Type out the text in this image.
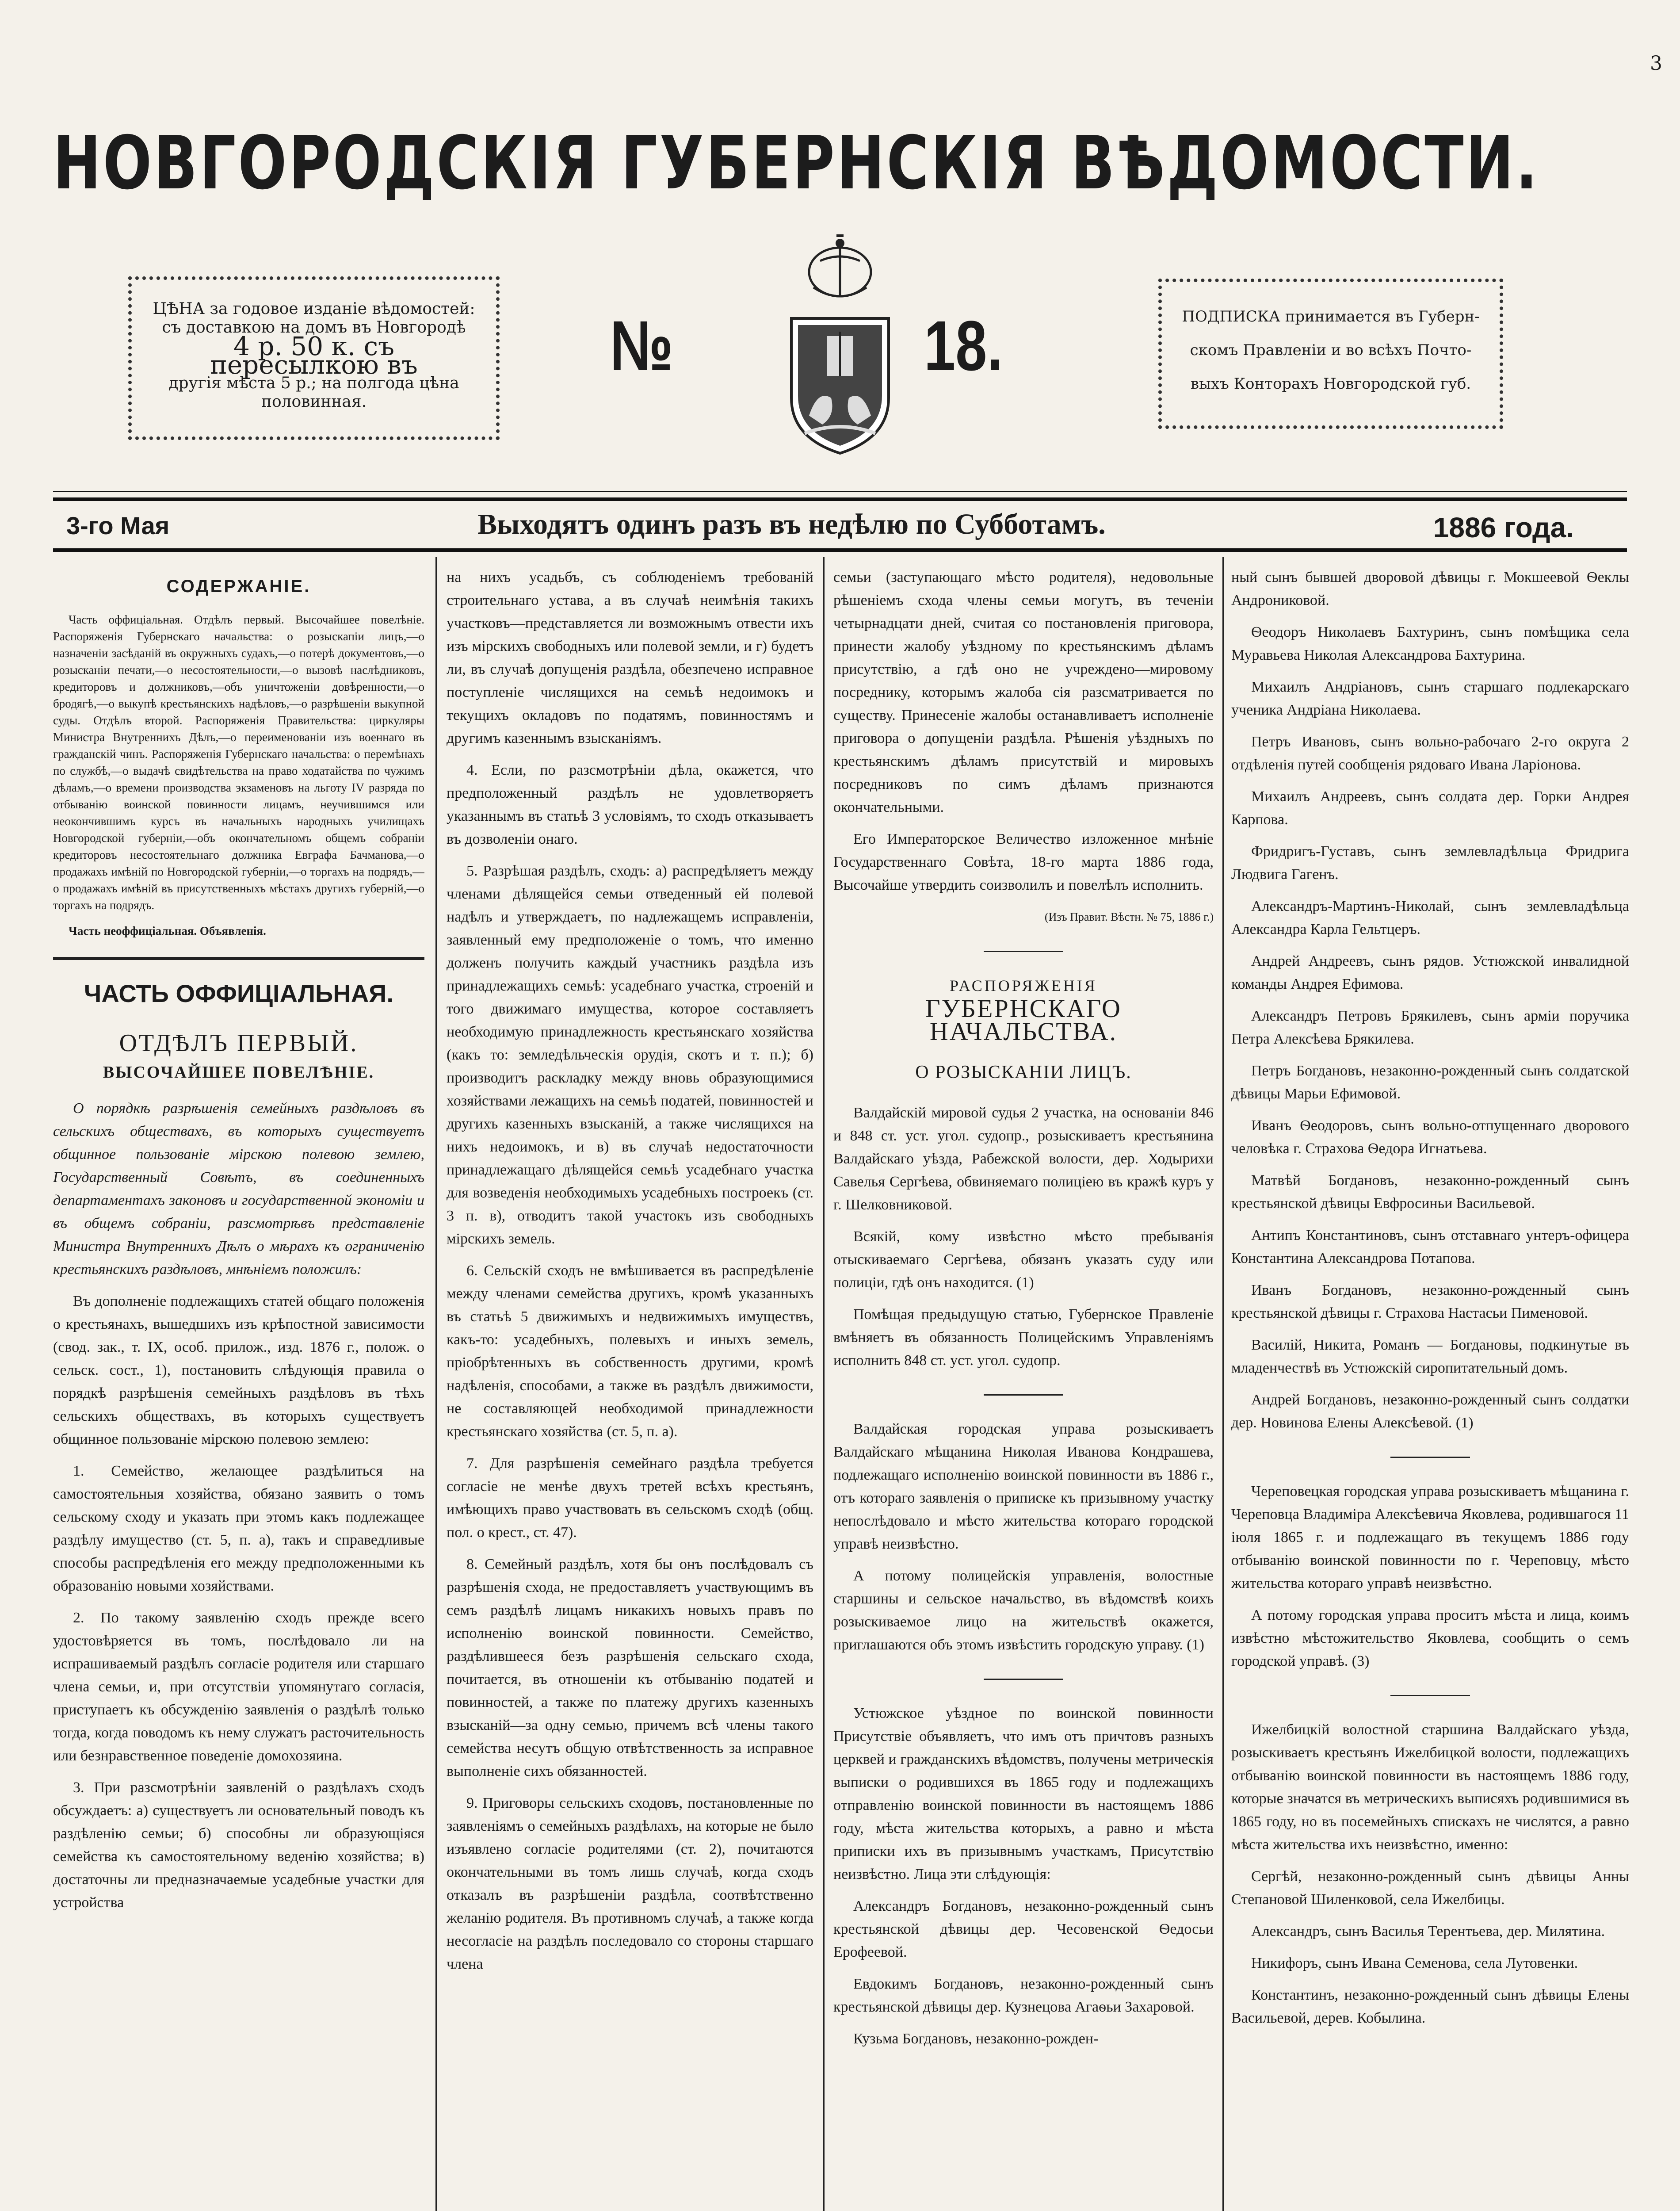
3
НОВГОРОДСКІЯ ГУБЕРНСКІЯ ВѢДОМОСТИ.
ЦѢНА за годовое изданіе вѣдомостей:
съ доставкою на домъ въ Новгородѣ
4 р. 50 к. съ пересылкою въ
другія мѣста 5 р.; на полгода цѣна
половинная.
№	18.	ПОДПИСКА принимается въ Губерн-
скомъ Правленіи и во всѣхъ Почто-
выхъ Конторахъ Новгородской губ.
3-го Мая	Выходятъ одинъ разъ въ недѣлю по Субботамъ.	1886 года.
СОДЕРЖАНІЕ.

Часть оффиціальная. Отдѣлъ первый. Высочайшее повелѣніе. Распоряженія Губернскаго начальства: о розыскапіи лицъ,—о назначеніи засѣданій въ окружныхъ судахъ,—о потерѣ документовъ,—о розысканіи печати,—о несостоятельности,—о вызовѣ наслѣдниковъ, кредиторовъ и должниковъ,—объ уничтоженіи довѣренности,—о бродягѣ,—о выкупѣ крестьянскихъ надѣловъ,—о разрѣшеніи выкупной суды. Отдѣлъ второй. Распоряженія Правительства: циркуляры Министра Внутреннихъ Дѣлъ,—о переименованіи изъ военнаго въ гражданскій чинъ. Распоряженія Губернскаго начальства: о перемѣнахъ по службѣ,—о выдачѣ свидѣтельства на право ходатайства по чужимъ дѣламъ,—о времени производства экзаменовъ на льготу IV разряда по отбыванію воинской повинности лицамъ, неучившимся или неокончившимъ курсъ въ начальныхъ народныхъ училищахъ Новгородской губерніи,—объ окончательномъ общемъ собраніи кредиторовъ несостоятельнаго должника Евграфа Бачманова,—о продажахъ имѣній по Новгородской губерніи,—о торгахъ на подрядъ,—о продажахъ имѣній въ присутственныхъ мѣстахъ другихъ губерній,—о торгахъ на подрядъ.

Часть неоффиціальная. Объявленія.

ЧАСТЬ ОФФИЦІАЛЬНАЯ.
ОТДѢЛЪ ПЕРВЫЙ.
ВЫСОЧАЙШЕЕ ПОВЕЛѢНІЕ.

О порядкѣ разрѣшенія семейныхъ раздѣловъ въ сельскихъ обществахъ, въ которыхъ существуетъ общинное пользованіе мірскою полевою землею, Государственный Совѣтъ, въ соединенныхъ департаментахъ законовъ и государственной экономіи и въ общемъ собраніи, разсмотрѣвъ представленіе Министра Внутреннихъ Дѣлъ о мѣрахъ къ ограниченію крестьянскихъ раздѣловъ, мнѣніемъ положилъ:

Въ дополненіе подлежащихъ статей общаго положенія о крестьянахъ, вышедшихъ изъ крѣпостной зависимости (свод. зак., т. IX, особ. прилож., изд. 1876 г., полож. о сельск. сост., 1), постановить слѣдующія правила о порядкѣ разрѣшенія семейныхъ раздѣловъ въ тѣхъ сельскихъ обществахъ, въ которыхъ существуетъ общинное пользованіе мірскою полевою землею:

1. Семейство, желающее раздѣлиться на самостоятельныя хозяйства, обязано заявить о томъ сельскому сходу и указать при этомъ какъ подлежащее раздѣлу имущество (ст. 5, п. а), такъ и справедливые способы распредѣленія его между предположенными къ образованію новыми хозяйствами.

2. По такому заявленію сходъ прежде всего удостовѣряется въ томъ, послѣдовало ли на испрашиваемый раздѣлъ согласіе родителя или старшаго члена семьи, и, при отсутствіи упомянутаго согласія, приступаетъ къ обсужденію заявленія о раздѣлѣ только тогда, когда поводомъ къ нему служатъ расточительность или безнравственное поведеніе домохозяина.

3. При разсмотрѣніи заявленій о раздѣлахъ сходъ обсуждаетъ: а) существуетъ ли основательный поводъ къ раздѣленію семьи; б) способны ли образующіяся семейства къ самостоятельному веденію хозяйства; в) достаточны ли предназначаемые усадебные участки для устройства

на нихъ усадьбъ, съ соблюденіемъ требованій строительнаго устава, а въ случаѣ неимѣнія такихъ участковъ—представляется ли возможнымъ отвести ихъ изъ мірскихъ свободныхъ или полевой земли, и г) будетъ ли, въ случаѣ допущенія раздѣла, обезпечено исправное поступленіе числящихся на семьѣ недоимокъ и текущихъ окладовъ по податямъ, повинностямъ и другимъ казеннымъ взысканіямъ.

4. Если, по разсмотрѣніи дѣла, окажется, что предположенный раздѣлъ не удовлетворяетъ указаннымъ въ статьѣ 3 условіямъ, то сходъ отказываетъ въ дозволеніи онаго.

5. Разрѣшая раздѣлъ, сходъ: а) распредѣляетъ между членами дѣлящейся семьи отведенный ей полевой надѣлъ и утверждаетъ, по надлежащемъ исправленіи, заявленный ему предположеніе о томъ, что именно долженъ получить каждый участникъ раздѣла изъ принадлежащихъ семьѣ: усадебнаго участка, строеній и того движимаго имущества, которое составляетъ необходимую принадлежность крестьянскаго хозяйства (какъ то: земледѣльческія орудія, скотъ и т. п.); б) производитъ раскладку между вновь образующимися хозяйствами лежащихъ на семьѣ податей, повинностей и другихъ казенныхъ взысканій, а также числящихся на нихъ недоимокъ, и в) въ случаѣ недостаточности принадлежащаго дѣлящейся семьѣ усадебнаго участка для возведенія необходимыхъ усадебныхъ построекъ (ст. 3 п. в), отводитъ такой участокъ изъ свободныхъ мірскихъ земель.

6. Сельскій сходъ не вмѣшивается въ распредѣленіе между членами семейства другихъ, кромѣ указанныхъ въ статьѣ 5 движимыхъ и недвижимыхъ имуществъ, какъ-то: усадебныхъ, полевыхъ и иныхъ земель, пріобрѣтенныхъ въ собственность другими, кромѣ надѣленія, способами, а также въ раздѣлъ движимости, не составляющей необходимой принадлежности крестьянскаго хозяйства (ст. 5, п. а).

7. Для разрѣшенія семейнаго раздѣла требуется согласіе не менѣе двухъ третей всѣхъ крестьянъ, имѣющихъ право участвовать въ сельскомъ сходѣ (общ. пол. о крест., ст. 47).

8. Семейный раздѣлъ, хотя бы онъ послѣдовалъ съ разрѣшенія схода, не предоставляетъ участвующимъ въ семъ раздѣлѣ лицамъ никакихъ новыхъ правъ по исполненію воинской повинности. Семейство, раздѣлившееся безъ разрѣшенія сельскаго схода, почитается, въ отношеніи къ отбыванію податей и повинностей, а также по платежу другихъ казенныхъ взысканій—за одну семью, причемъ всѣ члены такого семейства несутъ общую отвѣтственность за исправное выполненіе сихъ обязанностей.

9. Приговоры сельскихъ сходовъ, постановленные по заявленіямъ о семейныхъ раздѣлахъ, на которые не было изъявлено согласіе родителями (ст. 2), почитаются окончательными въ томъ лишь случаѣ, когда сходъ отказалъ въ разрѣшеніи раздѣла, соотвѣтственно желанію родителя. Въ противномъ случаѣ, а также когда несогласіе на раздѣлъ последовало со стороны старшаго члена

семьи (заступающаго мѣсто родителя), недовольные рѣшеніемъ схода члены семьи могутъ, въ теченіи четырнадцати дней, считая со постановленія приговора, принести жалобу уѣздному по крестьянскимъ дѣламъ присутствію, а гдѣ оно не учреждено—мировому посреднику, которымъ жалоба сія разсматривается по существу. Принесеніе жалобы останавливаетъ исполненіе приговора о допущеніи раздѣла. Рѣшенія уѣздныхъ по крестьянскимъ дѣламъ присутствій и мировыхъ посредниковъ по симъ дѣламъ признаются окончательными.

Его Императорское Величество изложенное мнѣніе Государственнаго Совѣта, 18-го марта 1886 года, Высочайше утвердить соизволилъ и повелѣлъ исполнить.

(Изъ Правит. Вѣстн. № 75, 1886 г.)

РАСПОРЯЖЕНІЯ
ГУБЕРНСКАГО НАЧАЛЬСТВА.
О РОЗЫСКАНІИ ЛИЦЪ.

Валдайскій мировой судья 2 участка, на основаніи 846 и 848 ст. уст. угол. судопр., розыскиваетъ крестьянина Валдайскаго уѣзда, Рабежской волости, дер. Ходырихи Савелья Сергѣева, обвиняемаго полиціею въ кражѣ куръ у г. Шелковниковой.

Всякій, кому извѣстно мѣсто пребыванія отыскиваемаго Сергѣева, обязанъ указать суду или полиціи, гдѣ онъ находится. (1)

Помѣщая предыдущую статью, Губернское Правленіе вмѣняетъ въ обязанность Полицейскимъ Управленіямъ исполнить 848 ст. уст. угол. судопр.

Валдайская городская управа розыскиваетъ Валдайскаго мѣщанина Николая Иванова Кондрашева, подлежащаго исполненію воинской повинности въ 1886 г., отъ котораго заявленія о приписке къ призывному участку непослѣдовало и мѣсто жительства котораго городской управѣ неизвѣстно.

А потому полицейскія управленія, волостные старшины и сельское начальство, въ вѣдомствѣ коихъ розыскиваемое лицо на жительствѣ окажется, приглашаются объ этомъ извѣстить городскую управу. (1)

Устюжское уѣздное по воинской повинности Присутствіе объявляетъ, что имъ отъ причтовъ разныхъ церквей и гражданскихъ вѣдомствъ, получены метрическія выписки о родившихся въ 1865 году и подлежащихъ отправленію воинской повинности въ настоящемъ 1886 году, мѣста жительства которыхъ, а равно и мѣста приписки ихъ въ призывнымъ участкамъ, Присутствію неизвѣстно. Лица эти слѣдующія:

Александръ Богдановъ, незаконно-рожденный сынъ крестьянской дѣвицы дер. Чесовенской Ѳедосьи Ерофеевой.

Евдокимъ Богдановъ, незаконно-рожденный сынъ крестьянской дѣвицы дер. Кузнецова Агаѳьи Захаровой.

Кузьма Богдановъ, незаконно-рожден-

ный сынъ бывшей дворовой дѣвицы г. Мокшеевой Ѳеклы Андрониковой.

Ѳеодоръ Николаевъ Бахтуринъ, сынъ помѣщика села Муравьева Николая Александрова Бахтурина.

Михаилъ Андріановъ, сынъ старшаго подлекарскаго ученика Андріана Николаева.

Петръ Ивановъ, сынъ вольно-рабочаго 2-го округа 2 отдѣленія путей сообщенія рядоваго Ивана Ларіонова.

Михаилъ Андреевъ, сынъ солдата дер. Горки Андрея Карпова.

Фридригъ-Густавъ, сынъ землевладѣльца Фридрига Людвига Гагенъ.

Александръ-Мартинъ-Николай, сынъ землевладѣльца Александра Карла Гельтцеръ.

Андрей Андреевъ, сынъ рядов. Устюжской инвалидной команды Андрея Ефимова.

Александръ Петровъ Брякилевъ, сынъ арміи поручика Петра Алексѣева Брякилева.

Петръ Богдановъ, незаконно-рожденный сынъ солдатской дѣвицы Марьи Ефимовой.

Иванъ Ѳеодоровъ, сынъ вольно-отпущеннаго дворового человѣка г. Страхова Ѳедора Игнатьева.

Матвѣй Богдановъ, незаконно-рожденный сынъ крестьянской дѣвицы Евфросиньи Васильевой.

Антипъ Константиновъ, сынъ отставнаго унтеръ-офицера Константина Александрова Потапова.

Иванъ Богдановъ, незаконно-рожденный сынъ крестьянской дѣвицы г. Страхова Настасьи Пименовой.

Василій, Никита, Романъ — Богдановы, подкинутые въ младенчествѣ въ Устюжскій сиропитательный домъ.

Андрей Богдановъ, незаконно-рожденный сынъ солдатки дер. Новинова Елены Алексѣевой. (1)

Череповецкая городская управа розыскиваетъ мѣщанина г. Череповца Владиміра Алексѣевича Яковлева, родившагося 11 іюля 1865 г. и подлежащаго въ текущемъ 1886 году отбыванію воинской повинности по г. Череповцу, мѣсто жительства котораго управѣ неизвѣстно.

А потому городская управа проситъ мѣста и лица, коимъ извѣстно мѣстожительство Яковлева, сообщить о семъ городской управѣ. (3)

Ижелбицкій волостной старшина Валдайскаго уѣзда, розыскиваетъ крестьянъ Ижелбицкой волости, подлежащихъ отбыванію воинской повинности въ настоящемъ 1886 году, которые значатся въ метрическихъ выписяхъ родившимися въ 1865 году, но въ посемейныхъ спискахъ не числятся, а равно мѣста жительства ихъ неизвѣстно, именно:

Сергѣй, незаконно-рожденный сынъ дѣвицы Анны Степановой Шиленковой, села Ижелбицы.

Александръ, сынъ Василья Терентьева, дер. Милятина.

Никифоръ, сынъ Ивана Семенова, села Лутовенки.

Константинъ, незаконно-рожденный сынъ дѣвицы Елены Васильевой, дерев. Кобылина.
